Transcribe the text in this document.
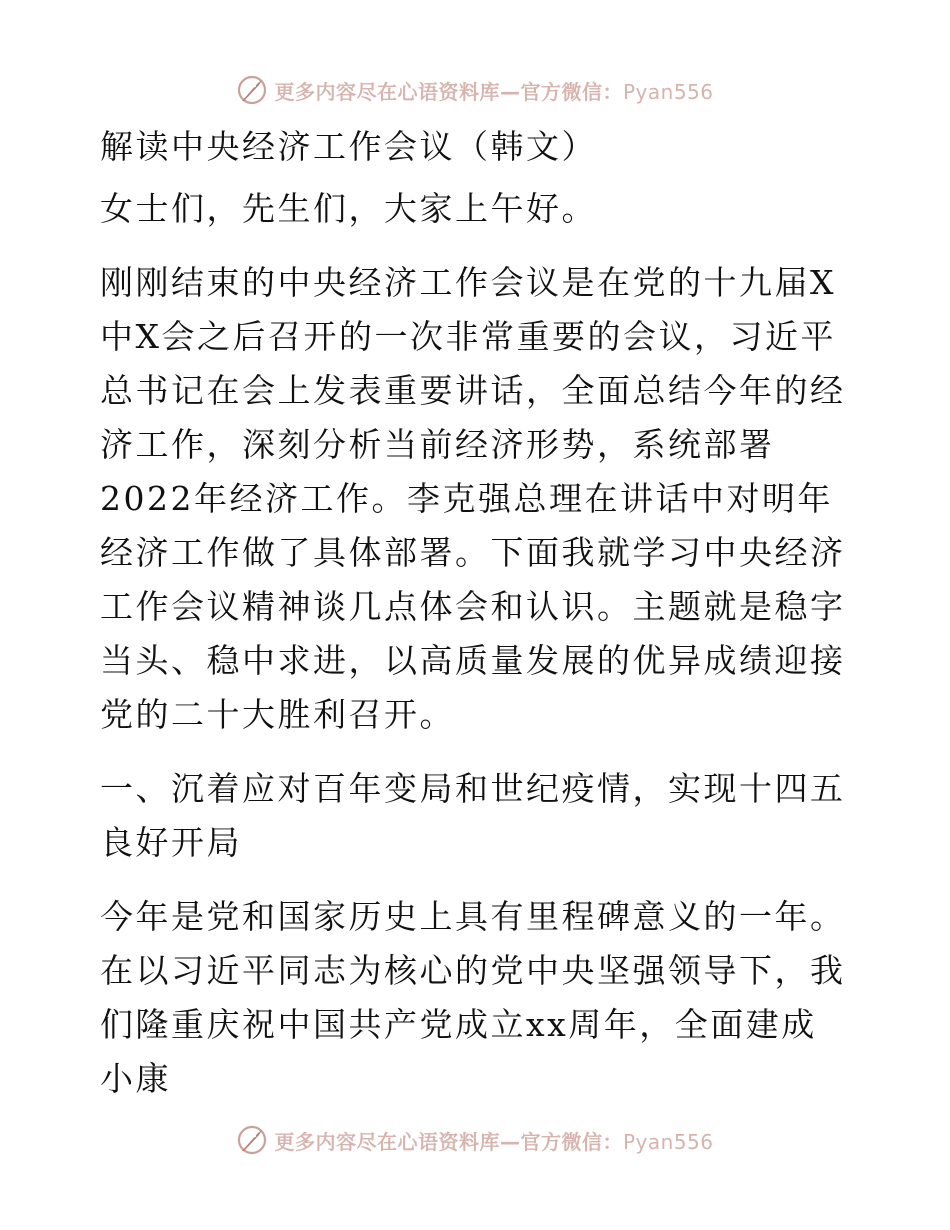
更多内容尽在心语资料库—官方微信：Pyan556

解读中央经济工作会议（韩文）

女士们，先生们，大家上午好。

刚刚结束的中央经济工作会议是在党的十九届X中X会之后召开的一次非常重要的会议，习近平总书记在会上发表重要讲话，全面总结今年的经济工作，深刻分析当前经济形势，系统部署2022年经济工作。李克强总理在讲话中对明年经济工作做了具体部署。下面我就学习中央经济工作会议精神谈几点体会和认识。主题就是稳字当头、稳中求进，以高质量发展的优异成绩迎接党的二十大胜利召开。

一、沉着应对百年变局和世纪疫情，实现十四五良好开局

今年是党和国家历史上具有里程碑意义的一年。在以习近平同志为核心的党中央坚强领导下，我们隆重庆祝中国共产党成立xx周年，全面建成小康

更多内容尽在心语资料库—官方微信：Pyan556
